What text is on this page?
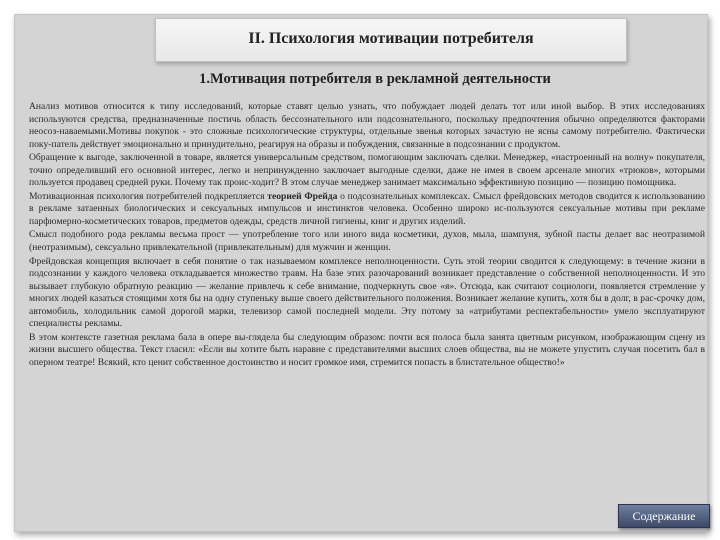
II. Психология мотивации потребителя
1.Мотивация потребителя в рекламной деятельности

Анализ мотивов относится к типу исследований, которые ставят целью узнать, что побуждает людей делать тот или иной выбор. В этих исследованиях используются средства, предназначенные постичь область бессознательного или подсознательного, поскольку предпочтения обычно определяются факторами неосоз-наваемыми.Мотивы покупок - это сложные психологические структуры, отдельные звенья которых зачастую не ясны самому потребителю. Фактически поку-патель действует эмоционально и принудительно, реагируя на образы и побуждения, связанные в подсознании с продуктом.

Обращение к выгоде, заключенной в товаре, является универсальным средством, помогающим заключать сделки. Менеджер, «настроенный на волну» покупателя, точно определивший его основной интерес, легко и непринужденно заключает выгодные сделки, даже не имея в своем арсенале многих «трюков», которыми пользуется продавец средней руки. Почему так проис-ходит? В этом случае менеджер занимает максимально эффективную позицию — позицию помощника.

Мотивационная психология потребителей подкрепляется теорией Фрейда о подсознательных комплексах. Смысл фрейдовских методов сводится к использованию в рекламе затаенных биологических и сексуальных импульсов и инстинктов человека. Особенно широко ис-пользуются сексуальные мотивы при рекламе парфюмерно-косметических товаров, предметов одежды, средств личной гигиены, книг и других изделий.

Смысл подобного рода рекламы весьма прост — употребление того или иного вида косметики, духов, мыла, шампуня, зубной пасты делает вас неотразимой (неотразимым), сексуально привлекательной (привлекательным) для мужчин и женщин.

Фрейдовская концепция включает в себя понятие о так называемом комплексе неполноценности. Суть этой теории сводится к следующему: в течение жизни в подсознании у каждого человека откладывается множество травм. На базе этих разочарований возникает представление о собственной неполноценности. И это вызывает глубокую обратную реакцию — желание привлечь к себе внимание, подчеркнуть свое «я». Отсюда, как считают социологи, появляется стремление у многих людей казаться стоящими хотя бы на одну ступеньку выше своего действительного положения. Возникает желание купить, хотя бы в долг, в рас-срочку дом, автомобиль, холодильник самой дорогой марки, телевизор самой последней модели. Эту потому за «атрибутами респектабельности» умело эксплуатируют специалисты рекламы.

В этом контексте газетная реклама бала в опере вы-глядела бы следующим образом: почти вся полоса была занята цветным рисунком, изображающим сцену из жизни высшего общества. Текст гласил: «Если вы хотите быть наравне с представителями высших слоев общества, вы не можете упустить случая посетить бал в оперном театре! Всякий, кто ценит собственное достоинство и носит громкое имя, стремится попасть в блистательное общество!»

Содержание
